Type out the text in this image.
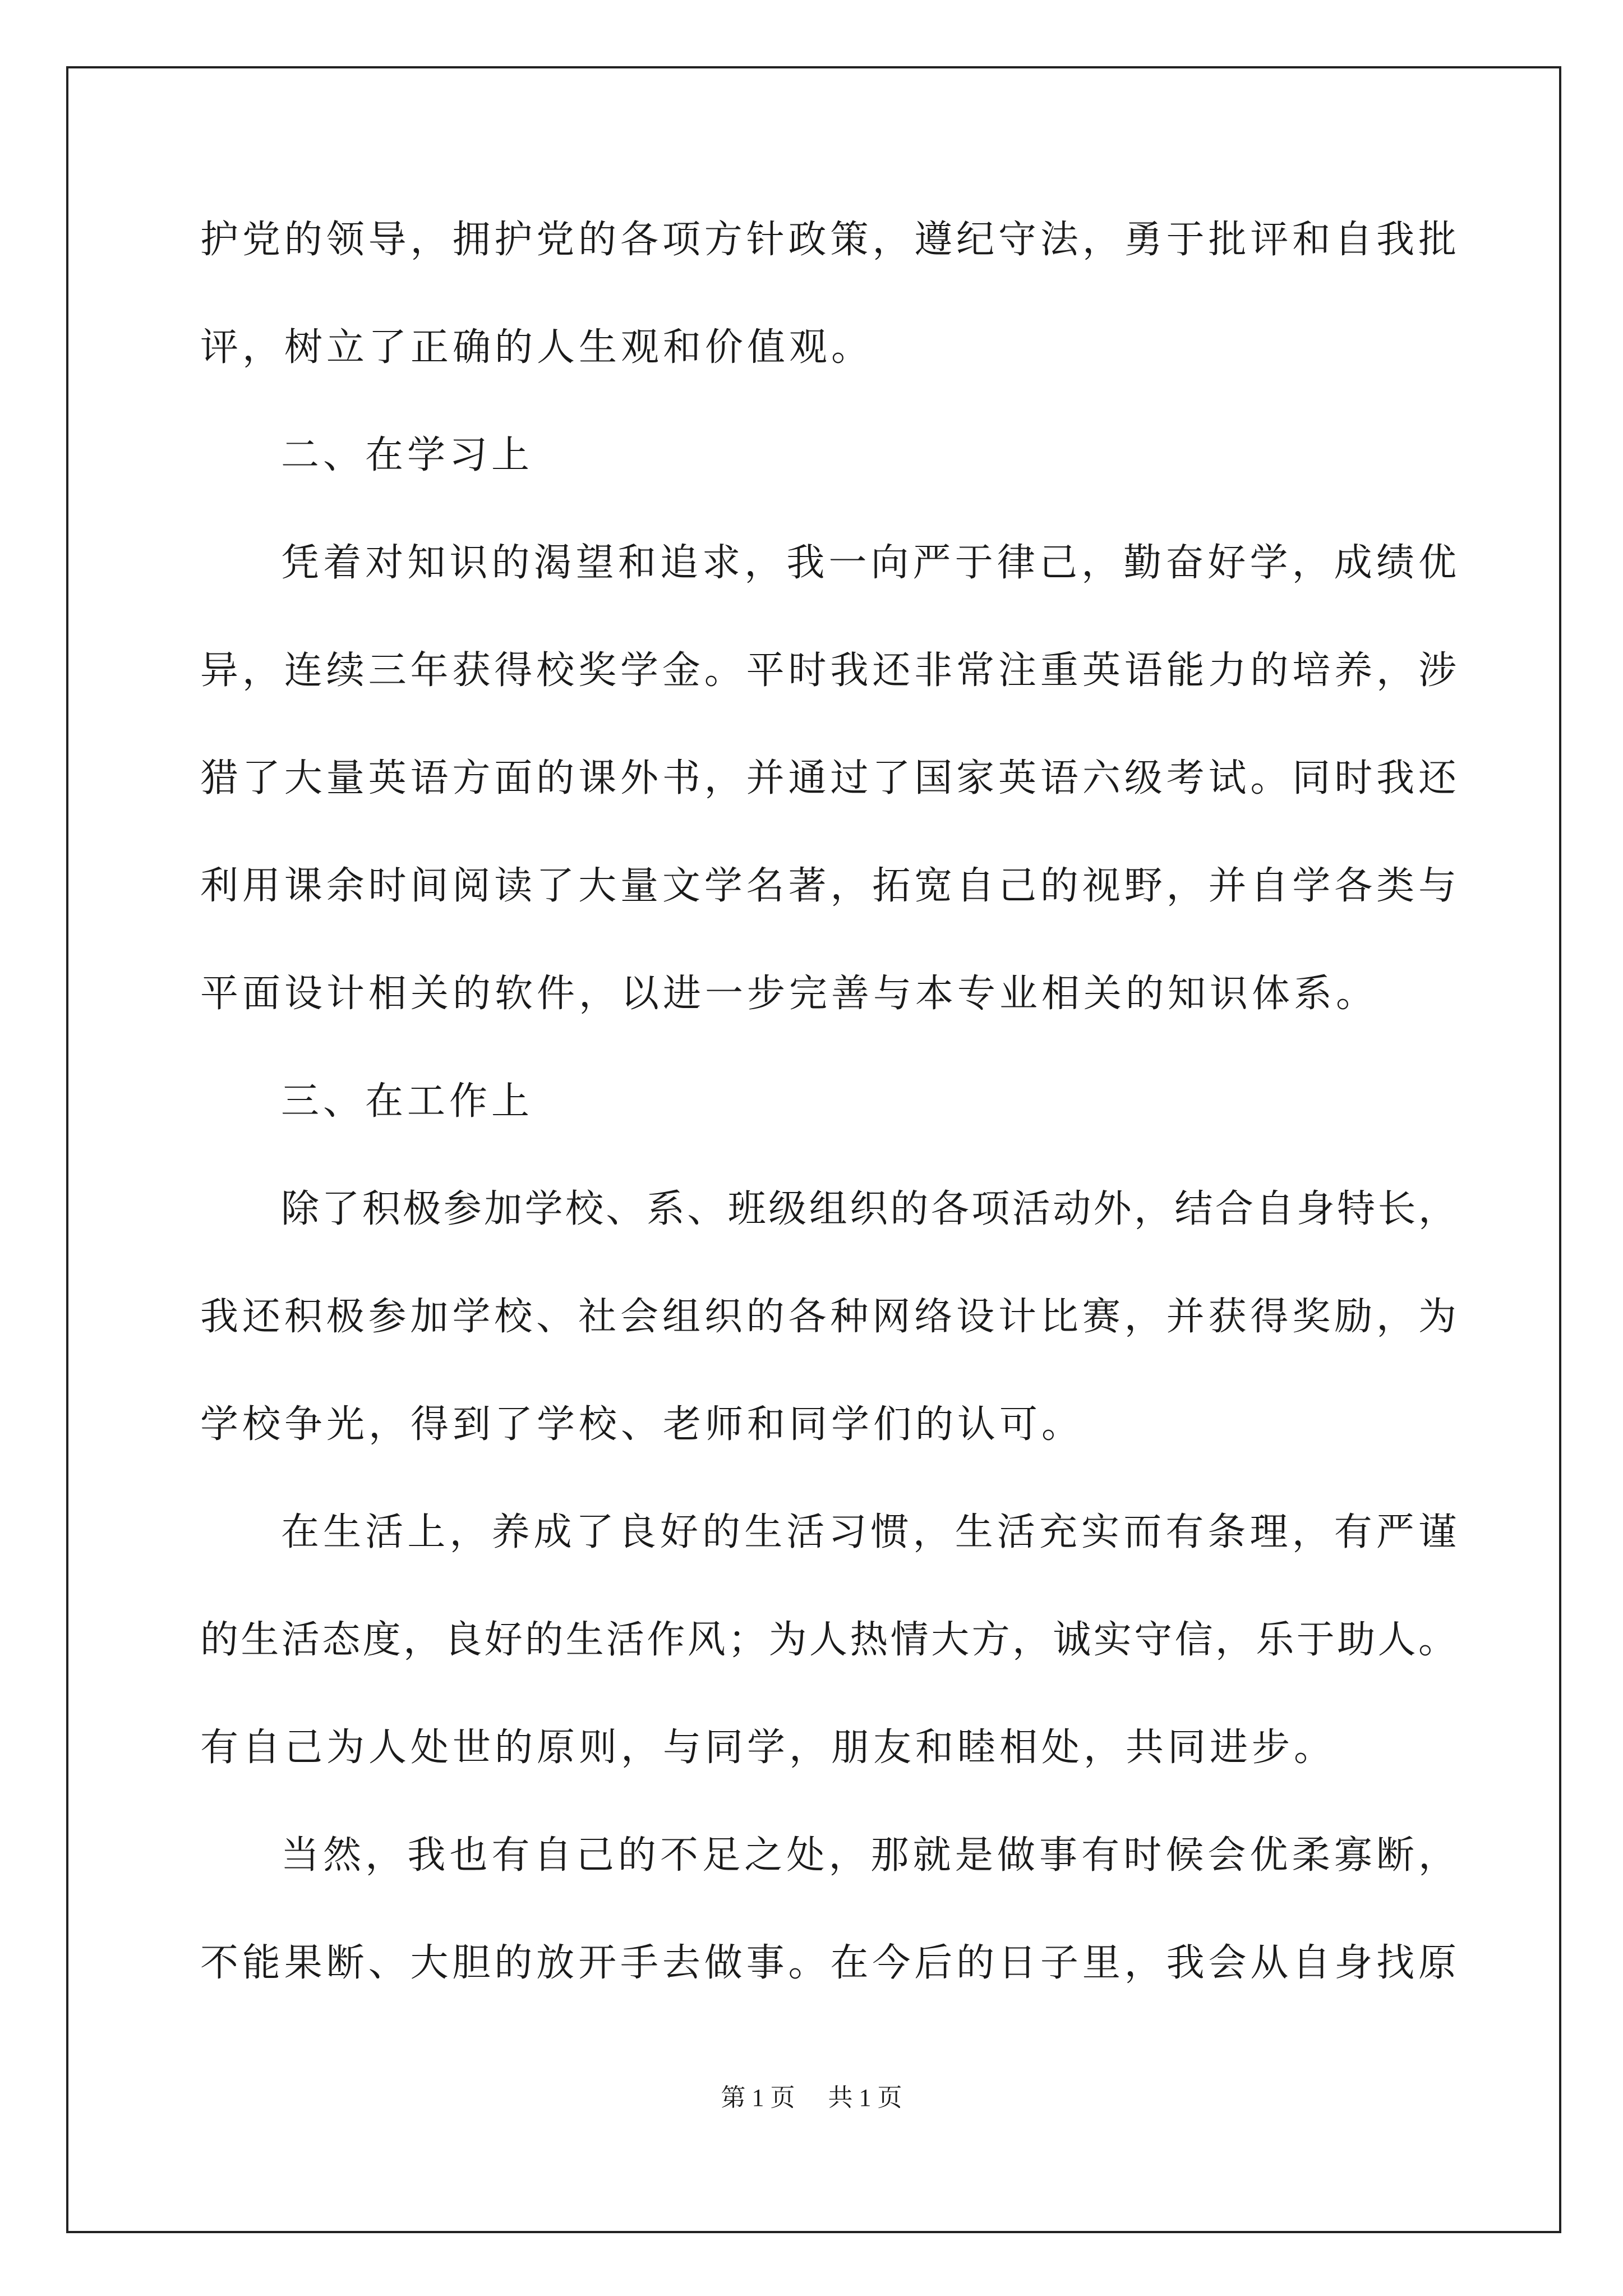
护党的领导，拥护党的各项方针政策，遵纪守法，勇于批评和自我批
评，树立了正确的人生观和价值观。
二、在学习上
凭着对知识的渴望和追求，我一向严于律己，勤奋好学，成绩优
异，连续三年获得校奖学金。平时我还非常注重英语能力的培养，涉
猎了大量英语方面的课外书，并通过了国家英语六级考试。同时我还
利用课余时间阅读了大量文学名著，拓宽自己的视野，并自学各类与
平面设计相关的软件，以进一步完善与本专业相关的知识体系。
三、在工作上
除了积极参加学校、系、班级组织的各项活动外，结合自身特长，
我还积极参加学校、社会组织的各种网络设计比赛，并获得奖励，为
学校争光，得到了学校、老师和同学们的认可。
在生活上，养成了良好的生活习惯，生活充实而有条理，有严谨
的生活态度，良好的生活作风；为人热情大方，诚实守信，乐于助人。
有自己为人处世的原则，与同学，朋友和睦相处，共同进步。
当然，我也有自己的不足之处，那就是做事有时候会优柔寡断，
不能果断、大胆的放开手去做事。在今后的日子里，我会从自身找原
第 1 页 共 1 页
